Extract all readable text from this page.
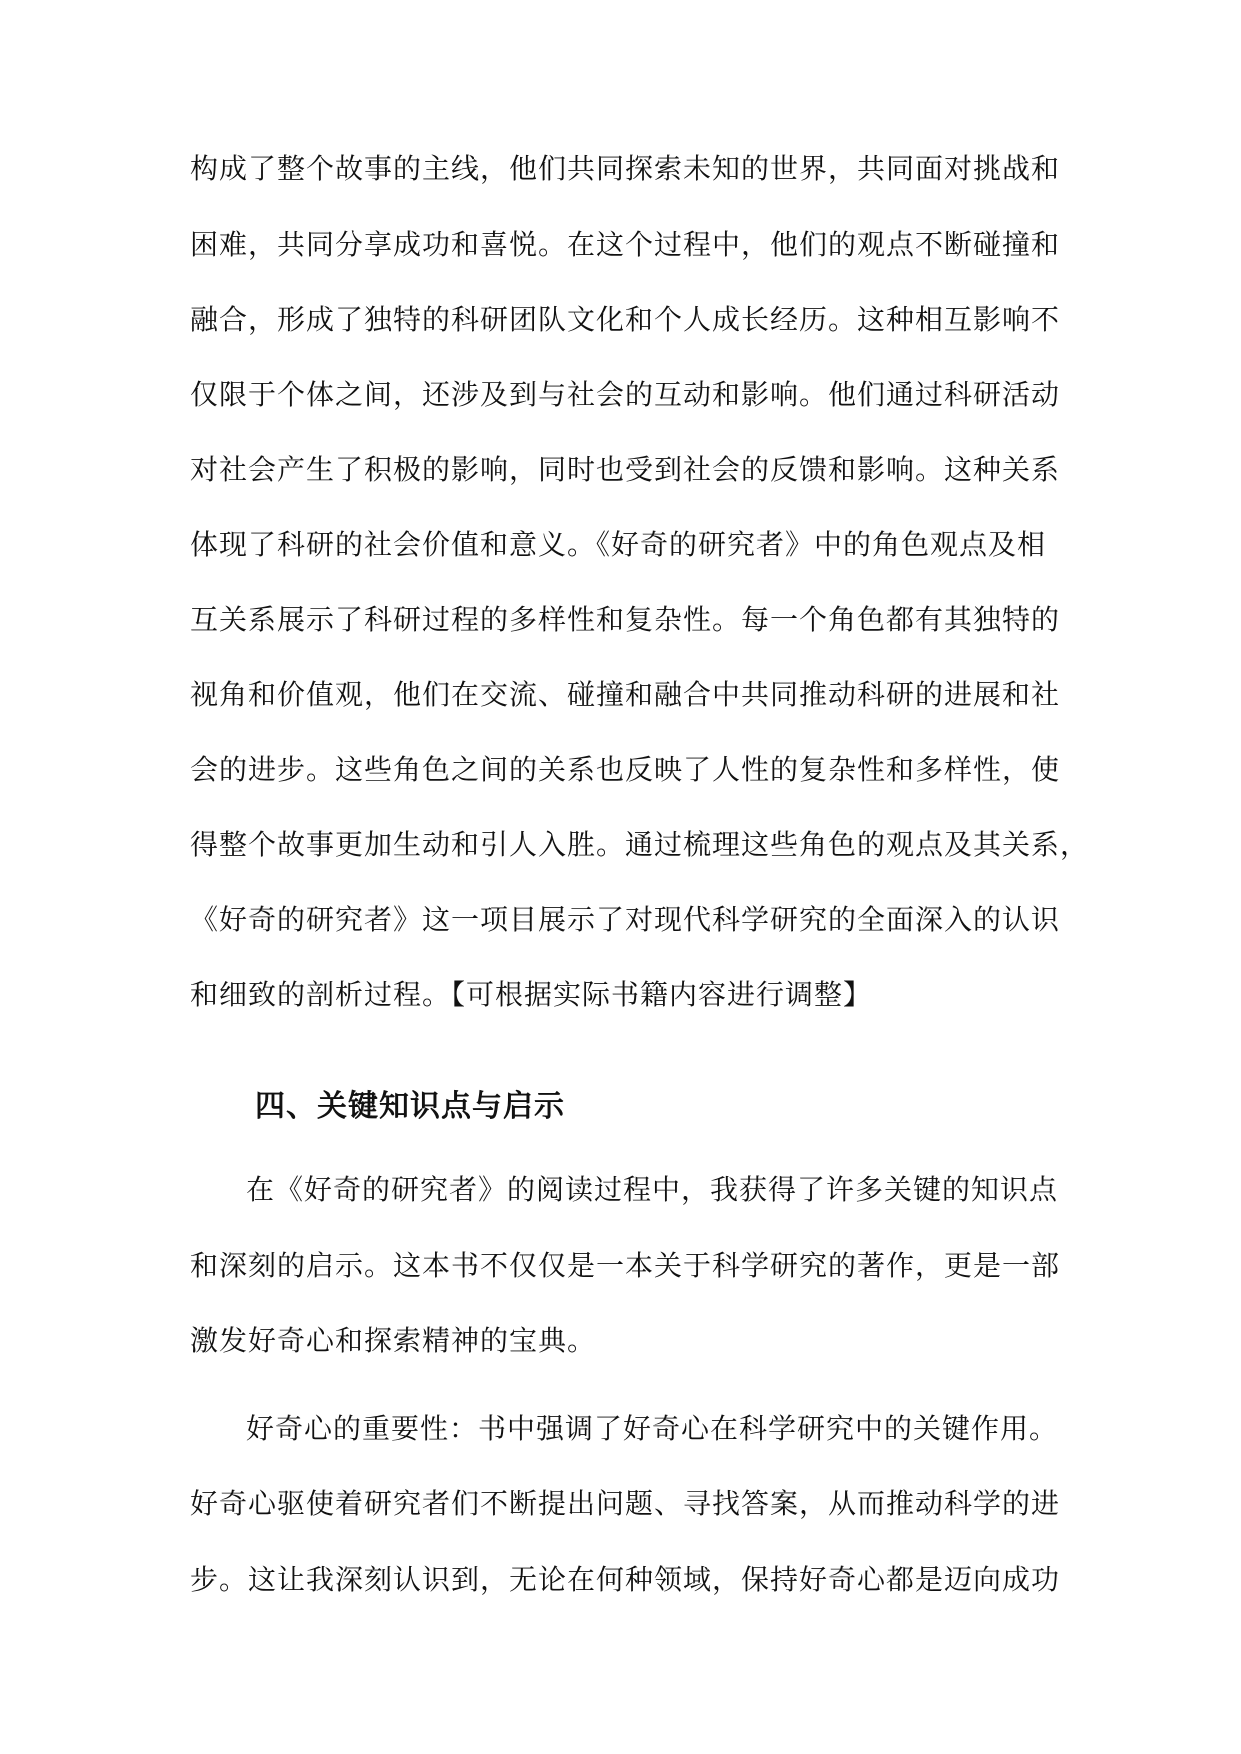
构成了整个故事的主线，他们共同探索未知的世界，共同面对挑战和
困难，共同分享成功和喜悦。在这个过程中，他们的观点不断碰撞和
融合，形成了独特的科研团队文化和个人成长经历。这种相互影响不
仅限于个体之间，还涉及到与社会的互动和影响。他们通过科研活动
对社会产生了积极的影响，同时也受到社会的反馈和影响。这种关系
体现了科研的社会价值和意义。《好奇的研究者》中的角色观点及相
互关系展示了科研过程的多样性和复杂性。每一个角色都有其独特的
视角和价值观，他们在交流、碰撞和融合中共同推动科研的进展和社
会的进步。这些角色之间的关系也反映了人性的复杂性和多样性，使
得整个故事更加生动和引人入胜。通过梳理这些角色的观点及其关系，
《好奇的研究者》这一项目展示了对现代科学研究的全面深入的认识
和细致的剖析过程。【可根据实际书籍内容进行调整】
四、关键知识点与启示
在《好奇的研究者》的阅读过程中，我获得了许多关键的知识点
和深刻的启示。这本书不仅仅是一本关于科学研究的著作，更是一部
激发好奇心和探索精神的宝典。
好奇心的重要性：书中强调了好奇心在科学研究中的关键作用。
好奇心驱使着研究者们不断提出问题、寻找答案，从而推动科学的进
步。这让我深刻认识到，无论在何种领域，保持好奇心都是迈向成功
